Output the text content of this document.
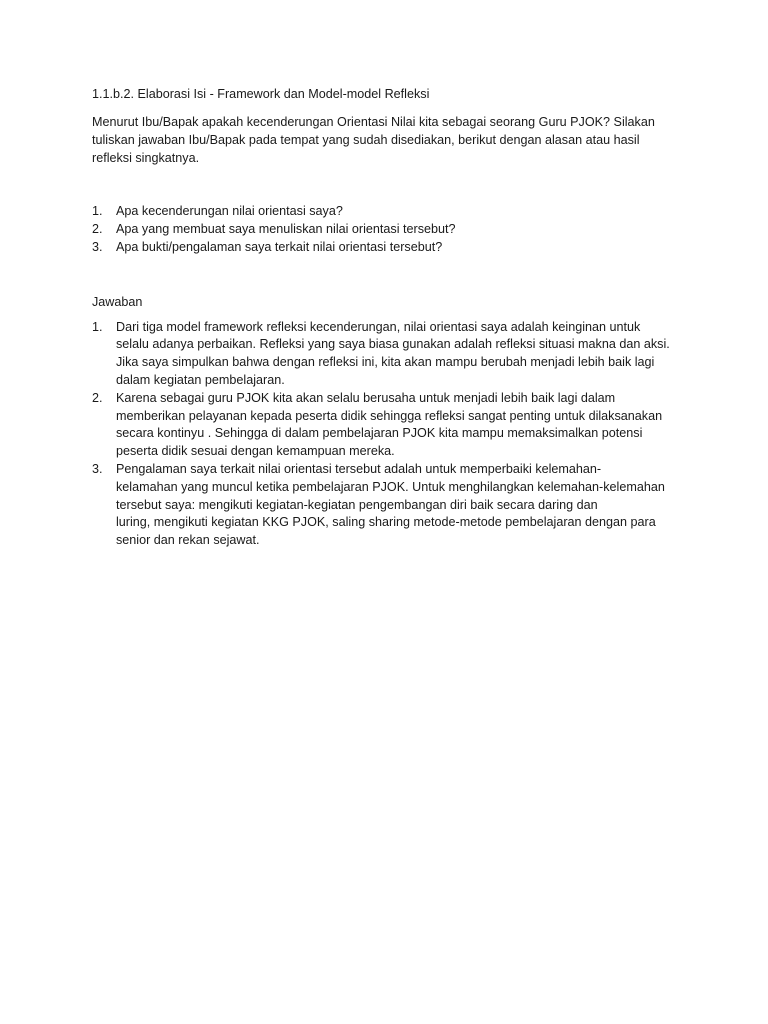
1.1.b.2. Elaborasi Isi - Framework dan Model-model Refleksi

Menurut Ibu/Bapak apakah kecenderungan Orientasi Nilai kita sebagai seorang Guru PJOK? Silakan
tuliskan jawaban Ibu/Bapak pada tempat yang sudah disediakan, berikut dengan alasan atau hasil
refleksi singkatnya.

1. Apa kecenderungan nilai orientasi saya?
2. Apa yang membuat saya menuliskan nilai orientasi tersebut?
3. Apa bukti/pengalaman saya terkait nilai orientasi tersebut?

Jawaban

1. Dari tiga model framework refleksi kecenderungan, nilai orientasi saya adalah keinginan untuk
selalu adanya perbaikan. Refleksi yang saya biasa gunakan adalah refleksi situasi makna dan aksi.
Jika saya simpulkan bahwa dengan refleksi ini, kita akan mampu berubah menjadi lebih baik lagi
dalam kegiatan pembelajaran.
2. Karena sebagai guru PJOK kita akan selalu berusaha untuk menjadi lebih baik lagi dalam
memberikan pelayanan kepada peserta didik sehingga refleksi sangat penting untuk dilaksanakan
secara kontinyu . Sehingga di dalam pembelajaran PJOK kita mampu memaksimalkan potensi
peserta didik sesuai dengan kemampuan mereka.
3. Pengalaman saya terkait nilai orientasi tersebut adalah untuk memperbaiki kelemahan-
kelamahan yang muncul ketika pembelajaran PJOK. Untuk menghilangkan kelemahan-kelemahan
tersebut saya: mengikuti kegiatan-kegiatan pengembangan diri baik secara daring dan
luring, mengikuti kegiatan KKG PJOK, saling sharing metode-metode pembelajaran dengan para
senior dan rekan sejawat.
